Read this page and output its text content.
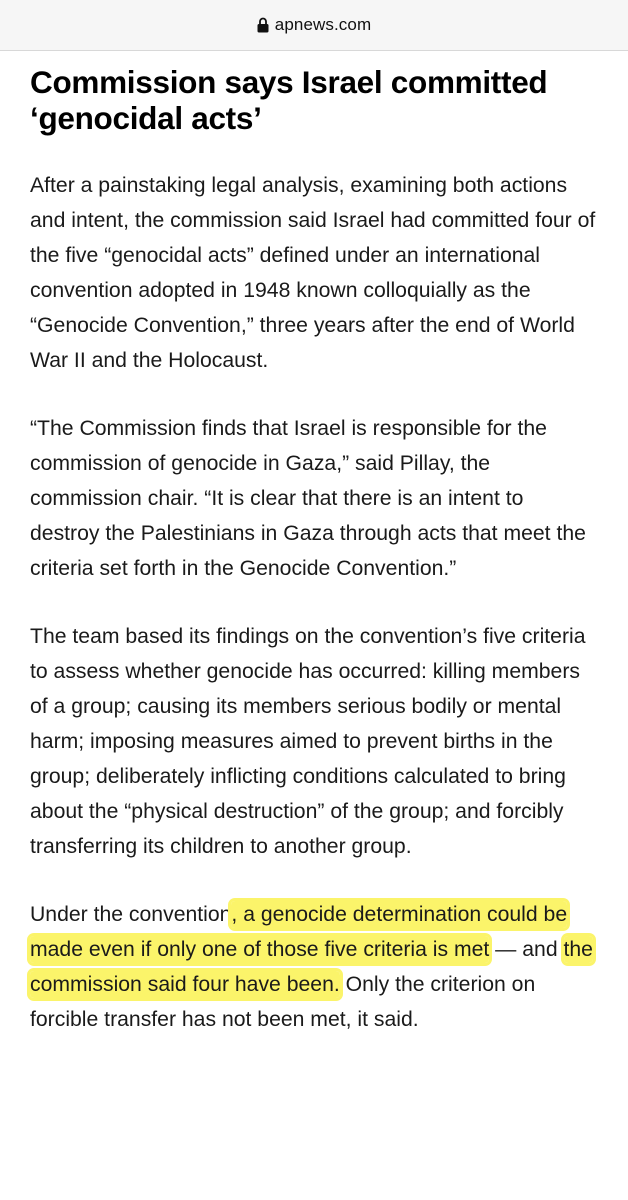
apnews.com
Commission says Israel committed ‘genocidal acts’

After a painstaking legal analysis, examining both actions and intent, the commission said Israel had committed four of the five “genocidal acts” defined under an international convention adopted in 1948 known colloquially as the “Genocide Convention,” three years after the end of World War II and the Holocaust.

“The Commission finds that Israel is responsible for the commission of genocide in Gaza,” said Pillay, the commission chair. “It is clear that there is an intent to destroy the Palestinians in Gaza through acts that meet the criteria set forth in the Genocide Convention.”

The team based its findings on the convention’s five criteria to assess whether genocide has occurred: killing members of a group; causing its members serious bodily or mental harm; imposing measures aimed to prevent births in the group; deliberately inflicting conditions calculated to bring about the “physical destruction” of the group; and forcibly transferring its children to another group.

Under the convention, a genocide determination could be made even if only one of those five criteria is met — and the commission said four have been. Only the criterion on forcible transfer has not been met, it said.
